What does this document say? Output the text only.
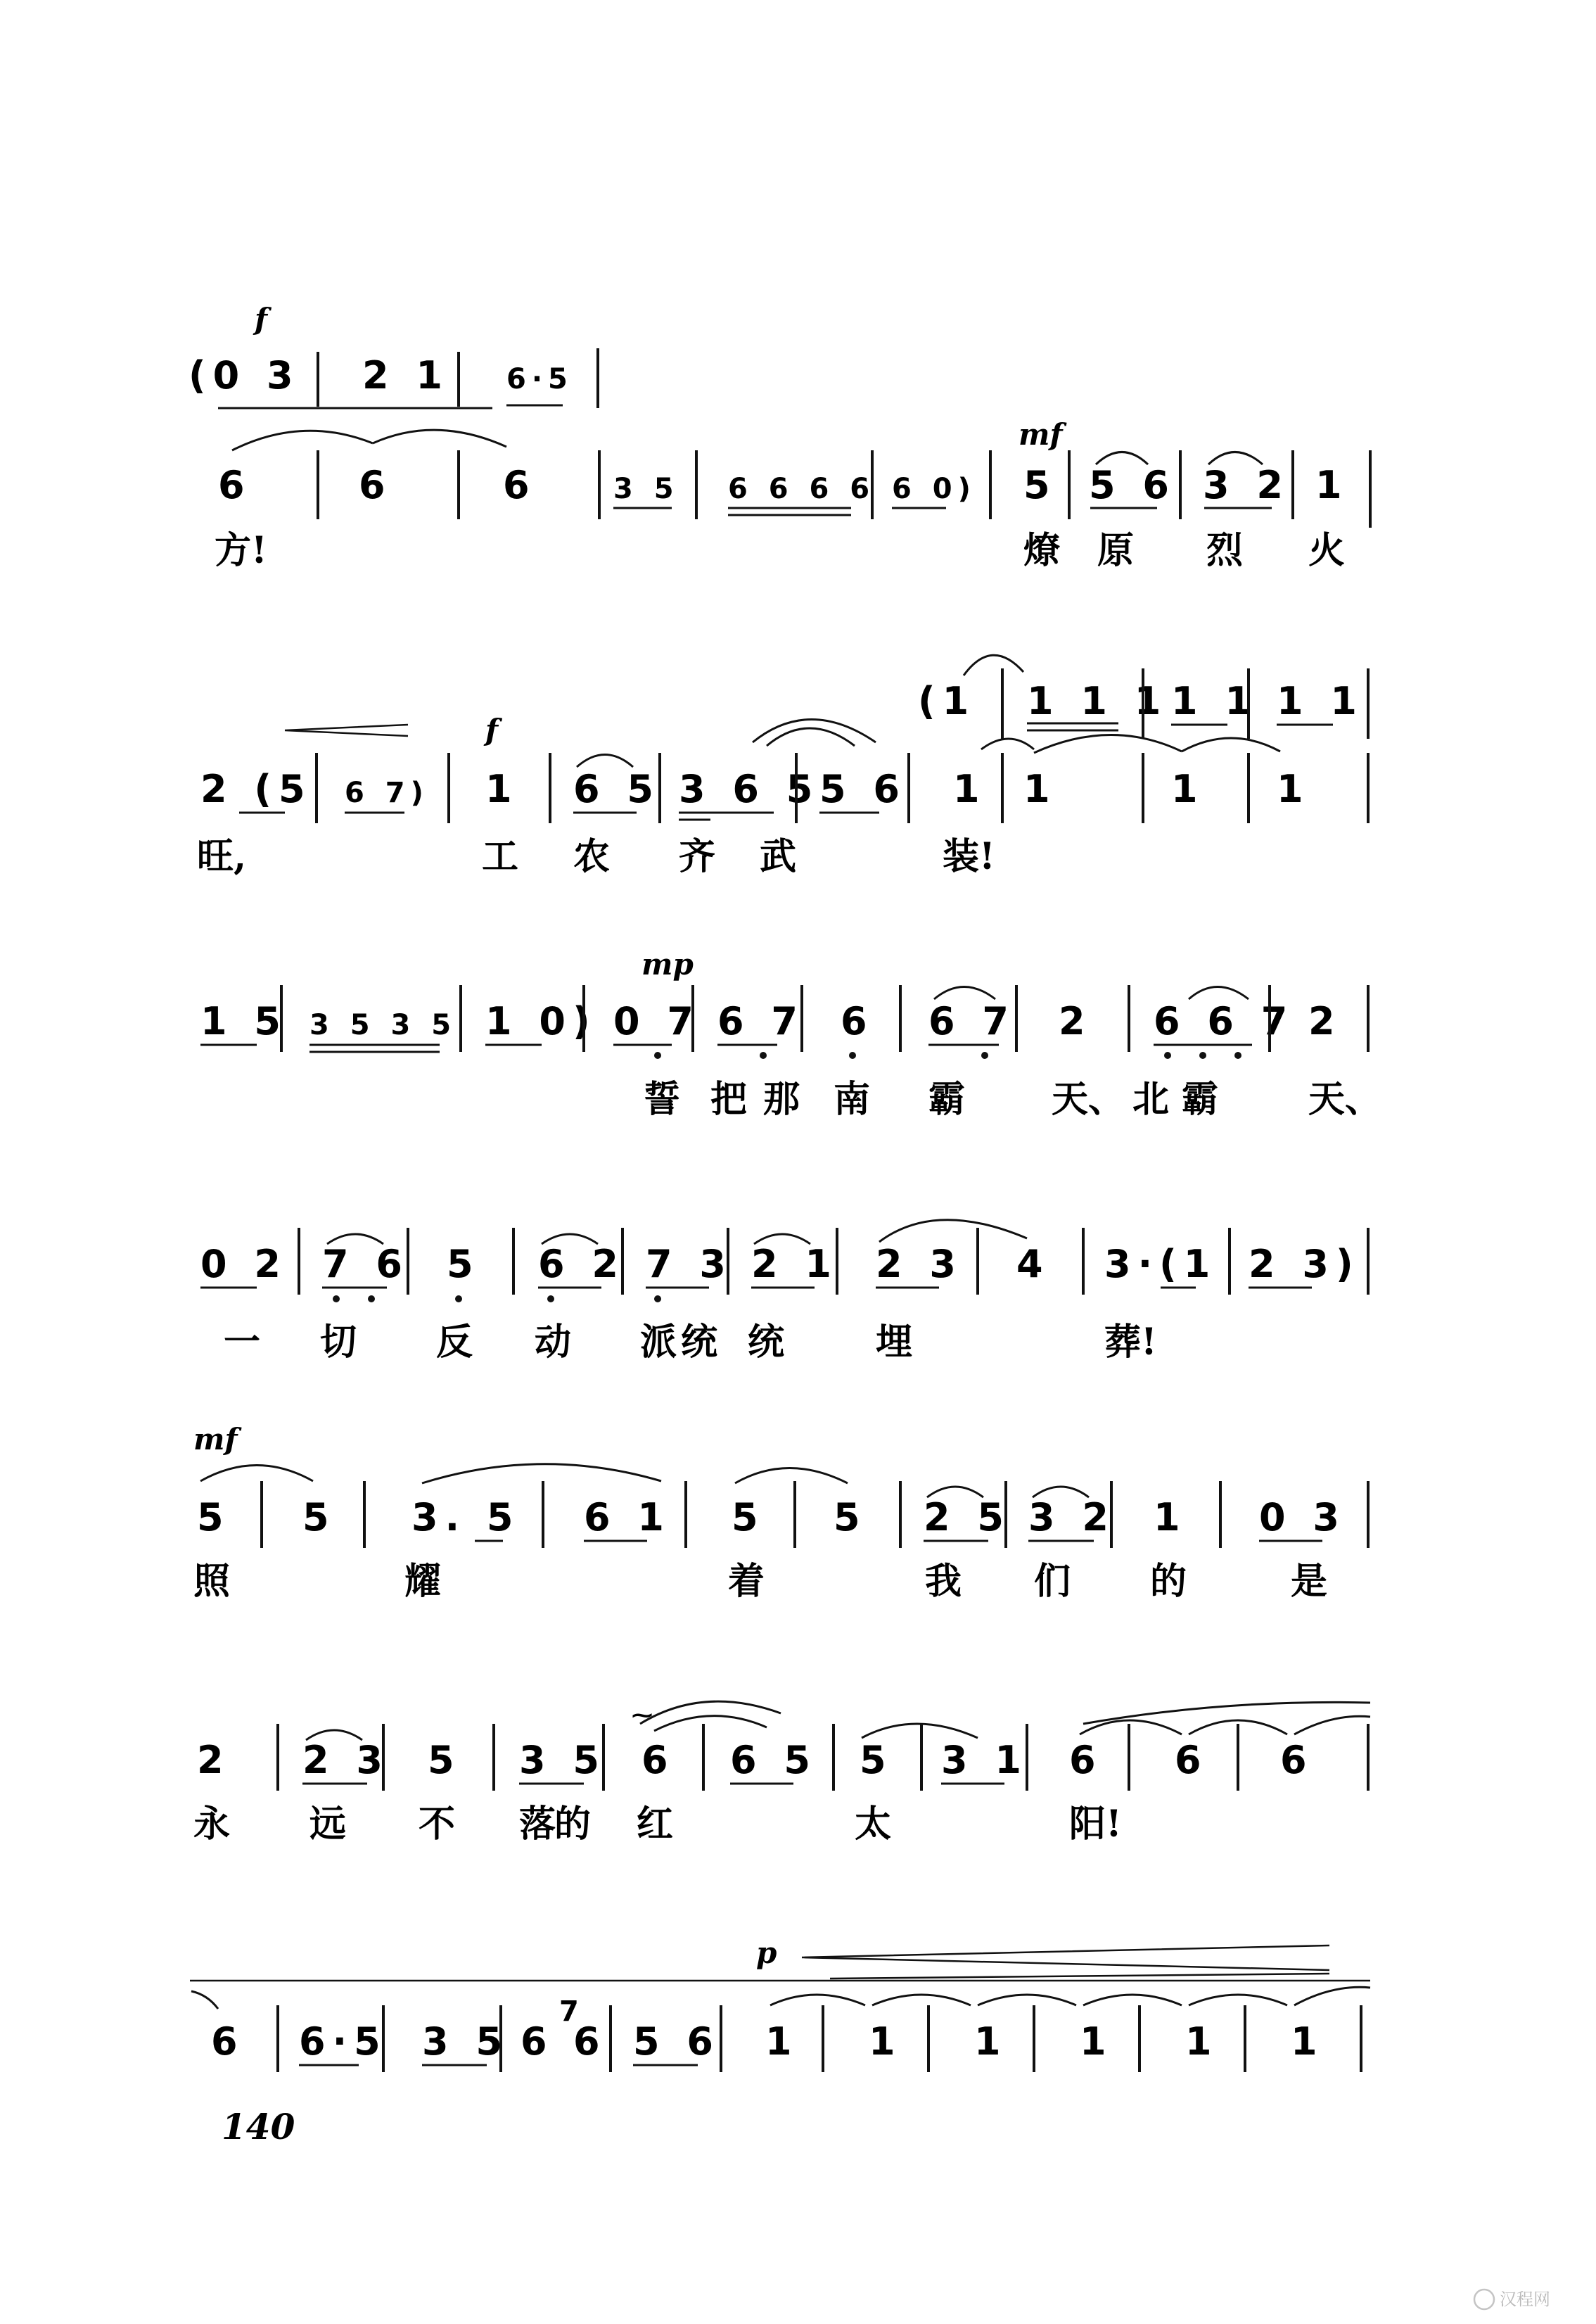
f
(0 3 2 1 6·5
6	6	6	3 5 6 6 6 6 6 0)
mf
5 5 6 3 2 1
方!	燎 原 烈 火
(1 1 1 1 1 1 1 1
f
2 (5 6 7) 1 6 5 3 6 5 5 6 1 1	1 1
旺,	工 农 齐 武	装!
mp
1 5 3 5 3 5 1 0) 0 7 6 7 6 6 7 2 6 6 7 2
誓 把 那 南 霸 天、 北 霸 天、
0 2 7 6 5 6 2 7 3 2 1 2 3 4 3·(1 2 3)
一 切 反 动 派 统 统 埋	葬!
mf
5 5 3. 5 6 1 5 5 2 5 3 2 1 0 3
照	耀	着	我 们 的	是
⁓
2 2 3 5 3 5 6 6 5 5 3 1 6 6 6
永 远 不 落
的 红	太	阳!
p
6 6·5 3 5 6
7
6 5 6 1 1 1 1 1 1
140
汉程网
